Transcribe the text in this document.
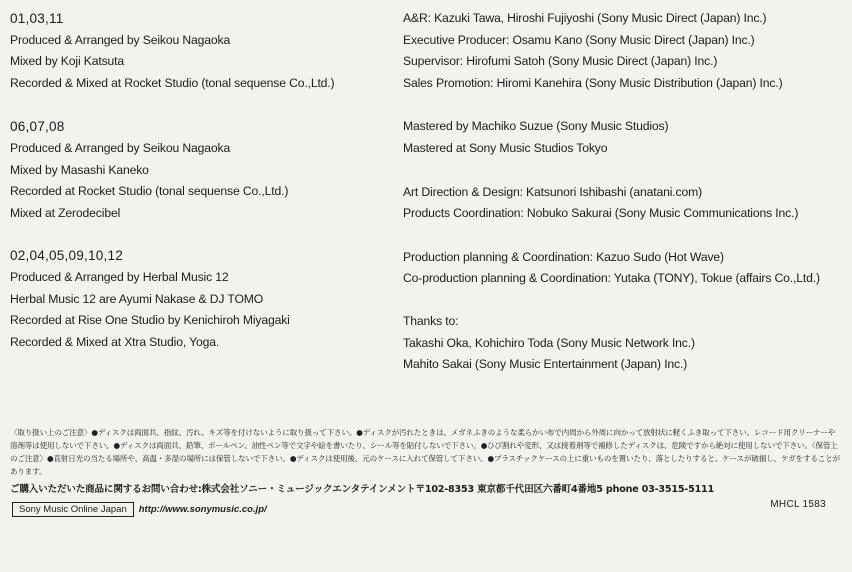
01,03,11
Produced & Arranged by Seikou Nagaoka
Mixed by Koji Katsuta
Recorded & Mixed at Rocket Studio (tonal sequense Co.,Ltd.)
06,07,08
Produced & Arranged by Seikou Nagaoka
Mixed by Masashi Kaneko
Recorded at Rocket Studio (tonal sequense Co.,Ltd.)
Mixed at Zerodecibel
02,04,05,09,10,12
Produced & Arranged by Herbal Music 12
Herbal Music 12 are Ayumi Nakase & DJ TOMO
Recorded at Rise One Studio by Kenichiroh Miyagaki
Recorded & Mixed at Xtra Studio, Yoga.
A&R: Kazuki Tawa, Hiroshi Fujiyoshi (Sony Music Direct (Japan) Inc.)
Executive Producer: Osamu Kano (Sony Music Direct (Japan) Inc.)
Supervisor: Hirofumi Satoh (Sony Music Direct (Japan) Inc.)
Sales Promotion: Hiromi Kanehira (Sony Music Distribution (Japan) Inc.)
Mastered by Machiko Suzue (Sony Music Studios)
Mastered at Sony Music Studios Tokyo
Art Direction & Design: Katsunori Ishibashi (anatani.com)
Products Coordination: Nobuko Sakurai (Sony Music Communications Inc.)
Production planning & Coordination: Kazuo Sudo (Hot Wave)
Co-production planning & Coordination: Yutaka (TONY), Tokue (affairs Co.,Ltd.)
Thanks to:
Takashi Oka, Kohichiro Toda (Sony Music Network Inc.)
Mahito Sakai (Sony Music Entertainment (Japan) Inc.)
〈取り扱い上のご注意〉●ディスクは両面共、指紋、汚れ、キズ等を付けないように取り扱って下さい。●ディスクが汚れたときは、メガネふきのような柔らかい布で内周から外周に向かって放射状に軽くふき取って下さい。レコード用クリーナーや溶剤等は使用しないで下さい。●ディスクは両面共、鉛筆、ボールペン、油性ペン等で文字や絵を書いたり、シール等を貼付しないで下さい。●ひび割れや変形、又は接着剤等で補修したディスクは、危険ですから絶対に使用しないで下さい。〈保管上のご注意〉●直射日光の当たる場所や、高温・多湿の場所には保管しないで下さい。●ディスクは使用後、元のケースに入れて保管して下さい。●プラスチックケースの上に重いものを置いたり、落としたりすると、ケースが破損し、ケガをすることがあります。
ご購入いただいた商品に関するお問い合わせ:株式会社ソニー・ミュージックエンタテインメント〒102-8353 東京都千代田区六番町4番地5 phone 03-3515-5111
MHCL 1583
Sony Music Online Japan	http://www.sonymusic.co.jp/
